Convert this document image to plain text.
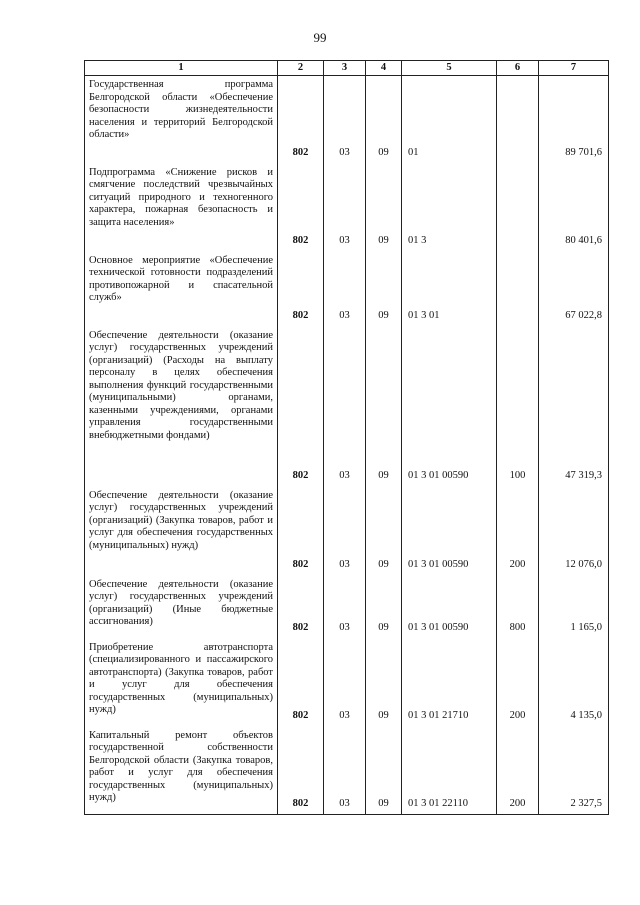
99
1	2	3	4	5	6	7
Государственная программа Белгородской области «Обеспечение безопасности жизнедеятельности населения и территорий Белгородской области»	802	03	09	01		89 701,6
Подпрограмма «Снижение рисков и смягчение последствий чрезвычайных ситуаций природного и техногенного характера, пожарная безопасность и защита населения»	802	03	09	01 3		80 401,6
Основное мероприятие «Обеспечение технической готовности подразделений противопожарной и спасательной служб»	802	03	09	01 3 01		67 022,8
Обеспечение деятельности (оказание услуг) государственных учреждений (организаций) (Расходы на выплату персоналу в целях обеспечения выполнения функций государственными (муниципальными) органами, казенными учреждениями, органами управления государственными внебюджетными фондами)	802	03	09	01 3 01 00590	100	47 319,3
Обеспечение деятельности (оказание услуг) государственных учреждений (организаций) (Закупка товаров, работ и услуг для обеспечения государственных (муниципальных) нужд)	802	03	09	01 3 01 00590	200	12 076,0
Обеспечение деятельности (оказание услуг) государственных учреждений (организаций) (Иные бюджетные ассигнования)	802	03	09	01 3 01 00590	800	1 165,0
Приобретение автотранспорта (специализированного и пассажирского автотранспорта) (Закупка товаров, работ и услуг для обеспечения государственных (муниципальных) нужд)	802	03	09	01 3 01 21710	200	4 135,0
Капитальный ремонт объектов государственной собственности Белгородской области (Закупка товаров, работ и услуг для обеспечения государственных (муниципальных) нужд)	802	03	09	01 3 01 22110	200	2 327,5
